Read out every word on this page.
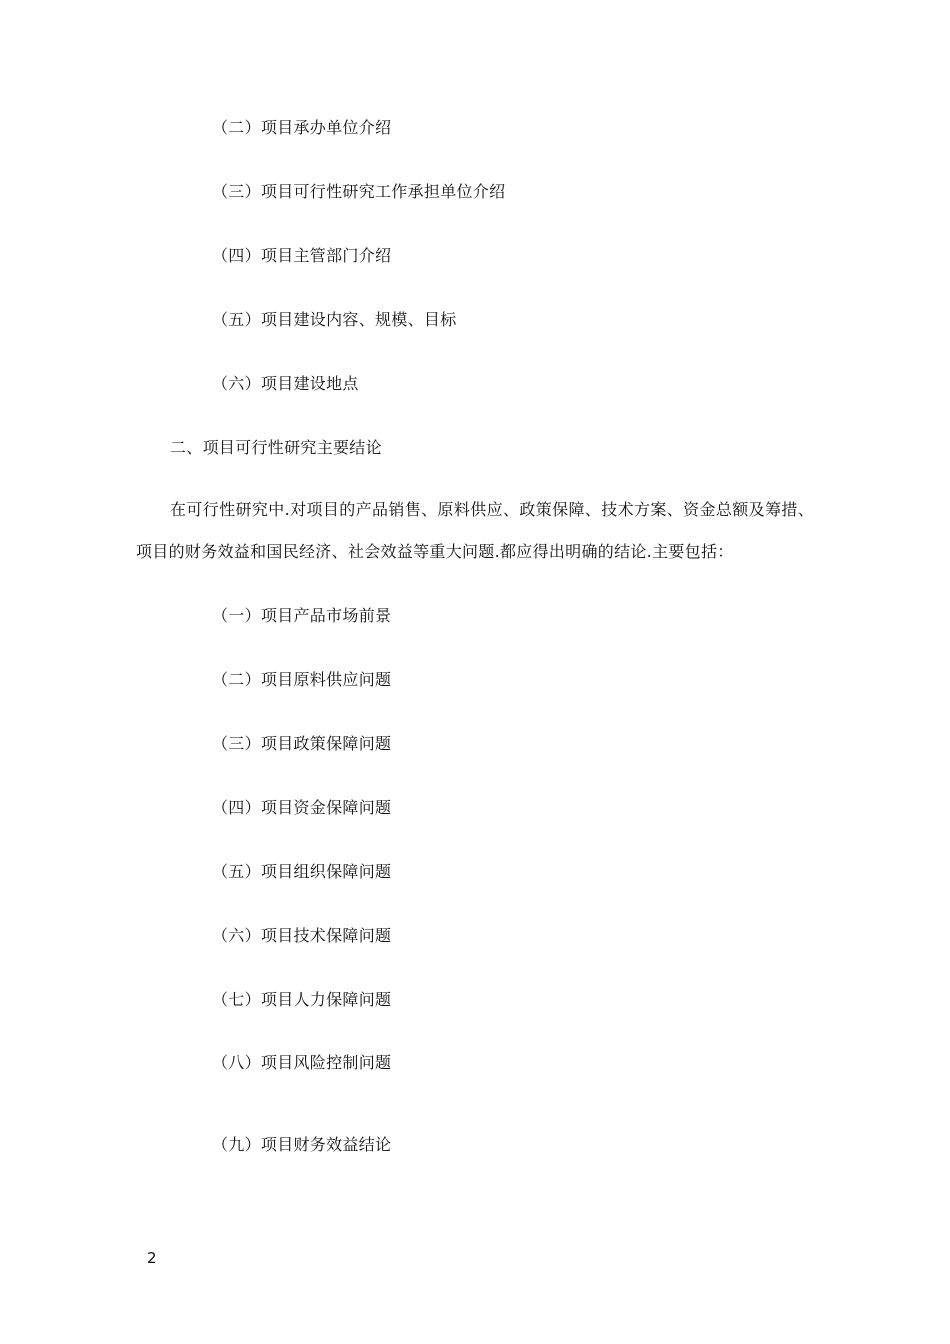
（二）项目承办单位介绍
（三）项目可行性研究工作承担单位介绍
（四）项目主管部门介绍
（五）项目建设内容、规模、目标
（六）项目建设地点
二、项目可行性研究主要结论
在可行性研究中.对项目的产品销售、原料供应、政策保障、技术方案、资金总额及筹措、项目的财务效益和国民经济、社会效益等重大问题.都应得出明确的结论.主要包括：
（一）项目产品市场前景
（二）项目原料供应问题
（三）项目政策保障问题
（四）项目资金保障问题
（五）项目组织保障问题
（六）项目技术保障问题
（七）项目人力保障问题
（八）项目风险控制问题
（九）项目财务效益结论
2
